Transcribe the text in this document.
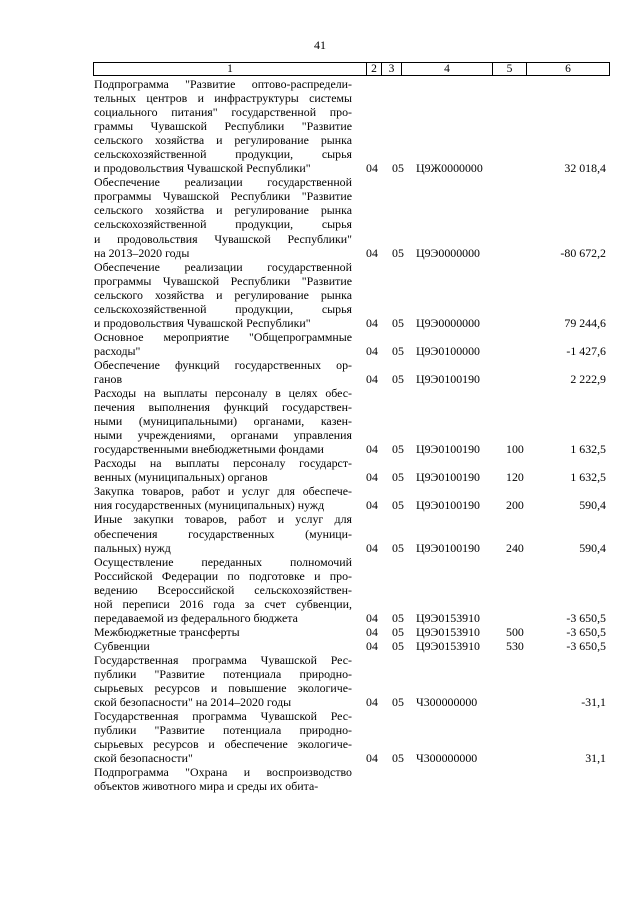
41
1	2	3	4	5	6
Подпрограмма "Развитие оптово-распредели-
тельных центров и инфраструктуры системы
социального питания" государственной про-
граммы Чувашской Республики "Развитие
сельского хозяйства и регулирование рынка
сельскохозяйственной продукции, сырья
и продовольствия Чувашской Республики"	04 05 Ц9Ж0000000	32 018,4
Обеспечение реализации государственной
программы Чувашской Республики "Развитие
сельского хозяйства и регулирование рынка
сельскохозяйственной продукции, сырья
и продовольствия Чувашской Республики"
на 2013–2020 годы	04 05 Ц9Э0000000	-80 672,2
Обеспечение реализации государственной
программы Чувашской Республики "Развитие
сельского хозяйства и регулирование рынка
сельскохозяйственной продукции, сырья
и продовольствия Чувашской Республики"	04 05 Ц9Э0000000	79 244,6
Основное мероприятие "Общепрограммные
расходы"	04 05 Ц9Э0100000	-1 427,6
Обеспечение функций государственных ор-
ганов	04 05 Ц9Э0100190	2 222,9
Расходы на выплаты персоналу в целях обес-
печения выполнения функций государствен-
ными (муниципальными) органами, казен-
ными учреждениями, органами управления
государственными внебюджетными фондами	04 05 Ц9Э0100190 100	1 632,5
Расходы на выплаты персоналу государст-
венных (муниципальных) органов	04 05 Ц9Э0100190 120	1 632,5
Закупка товаров, работ и услуг для обеспече-
ния государственных (муниципальных) нужд	04 05 Ц9Э0100190 200	590,4
Иные закупки товаров, работ и услуг для
обеспечения государственных (муници-
пальных) нужд	04 05 Ц9Э0100190 240	590,4
Осуществление переданных полномочий
Российской Федерации по подготовке и про-
ведению Всероссийской сельскохозяйствен-
ной переписи 2016 года за счет субвенции,
передаваемой из федерального бюджета	04 05 Ц9Э0153910	-3 650,5
Межбюджетные трансферты	04 05 Ц9Э0153910 500	-3 650,5
Субвенции	04 05 Ц9Э0153910 530	-3 650,5
Государственная программа Чувашской Рес-
публики "Развитие потенциала природно-
сырьевых ресурсов и повышение экологиче-
ской безопасности" на 2014–2020 годы	04 05 Ч300000000	-31,1
Государственная программа Чувашской Рес-
публики "Развитие потенциала природно-
сырьевых ресурсов и обеспечение экологиче-
ской безопасности"	04 05 Ч300000000	31,1
Подпрограмма "Охрана и воспроизводство
объектов животного мира и среды их обита-
